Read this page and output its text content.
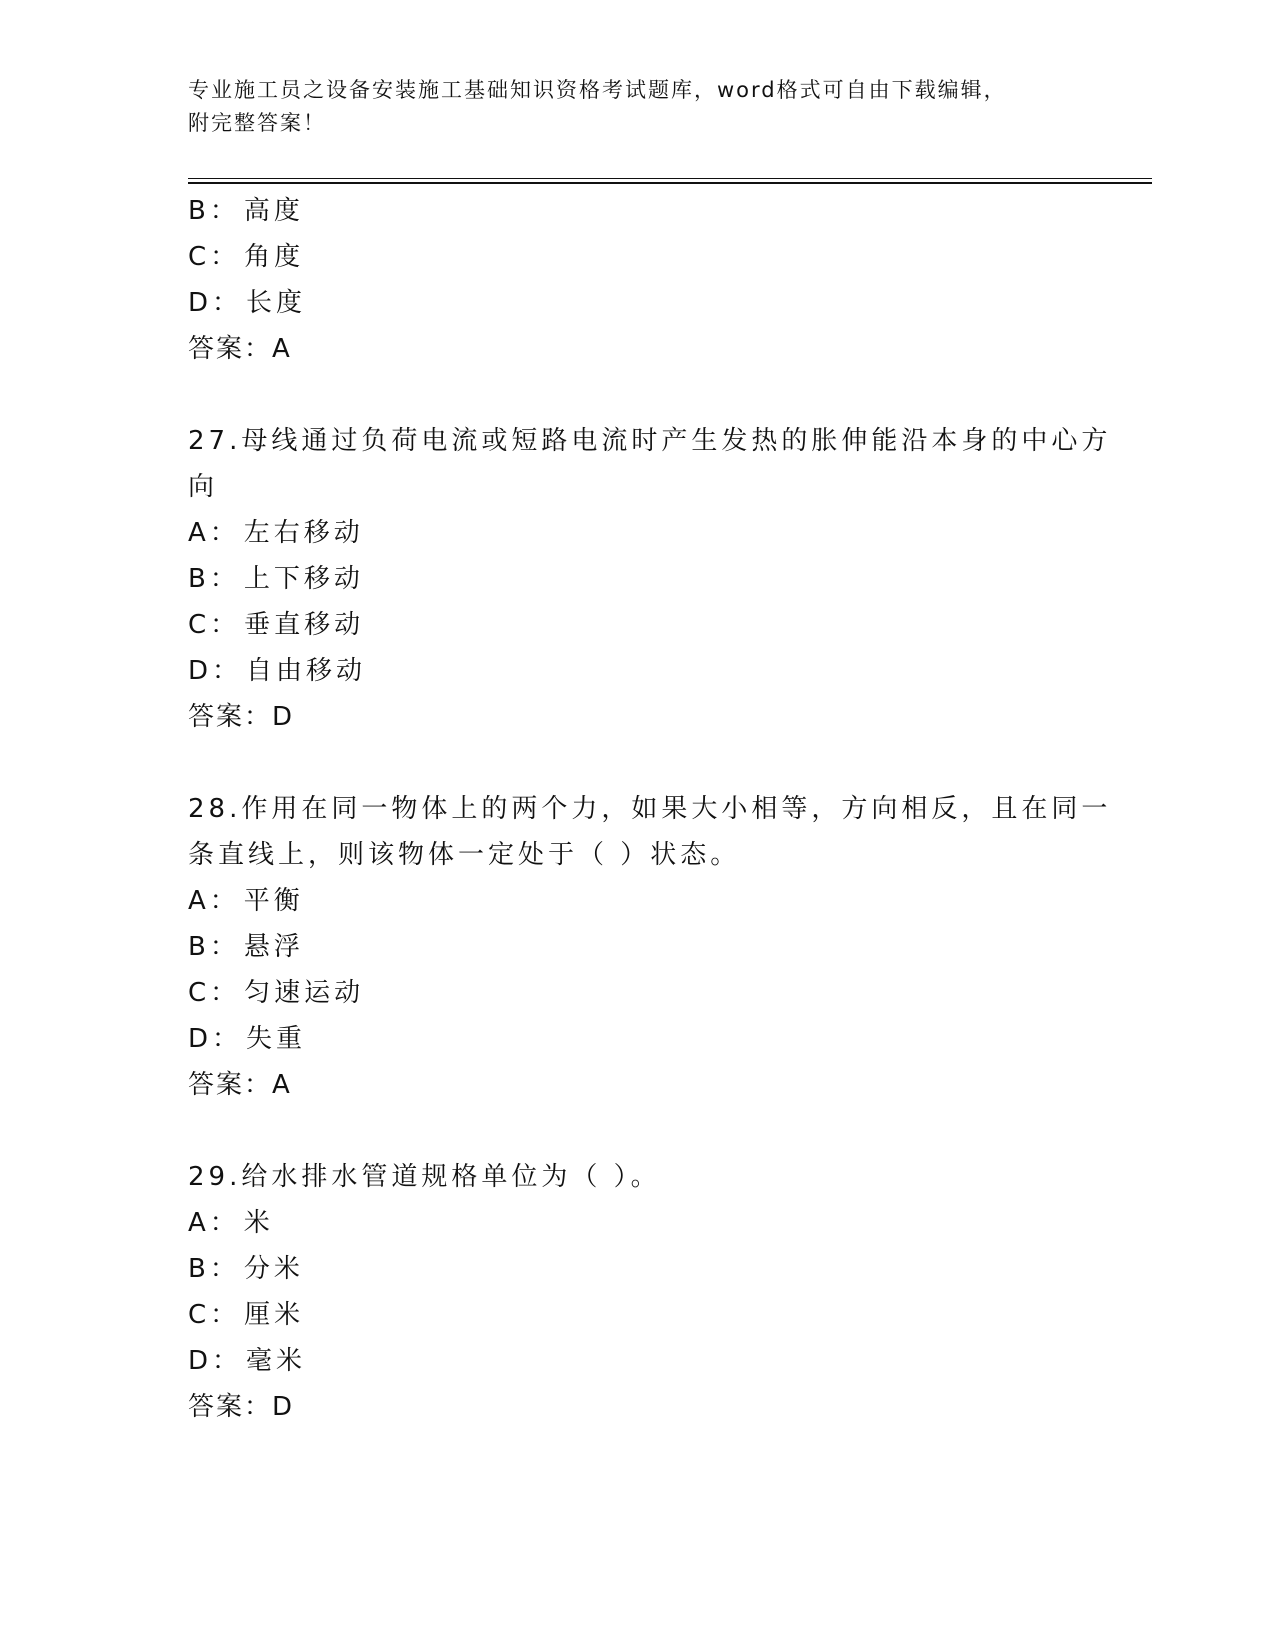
专业施工员之设备安装施工基础知识资格考试题库，word格式可自由下载编辑，
附完整答案！
B： 高度
C： 角度
D： 长度
答案：A
27.母线通过负荷电流或短路电流时产生发热的胀伸能沿本身的中心方
向
A： 左右移动
B： 上下移动
C： 垂直移动
D： 自由移动
答案：D
28.作用在同一物体上的两个力，如果大小相等，方向相反，且在同一
条直线上，则该物体一定处于（ ）状态。
A： 平衡
B： 悬浮
C： 匀速运动
D： 失重
答案：A
29.给水排水管道规格单位为（ ）。
A： 米
B： 分米
C： 厘米
D： 毫米
答案：D
